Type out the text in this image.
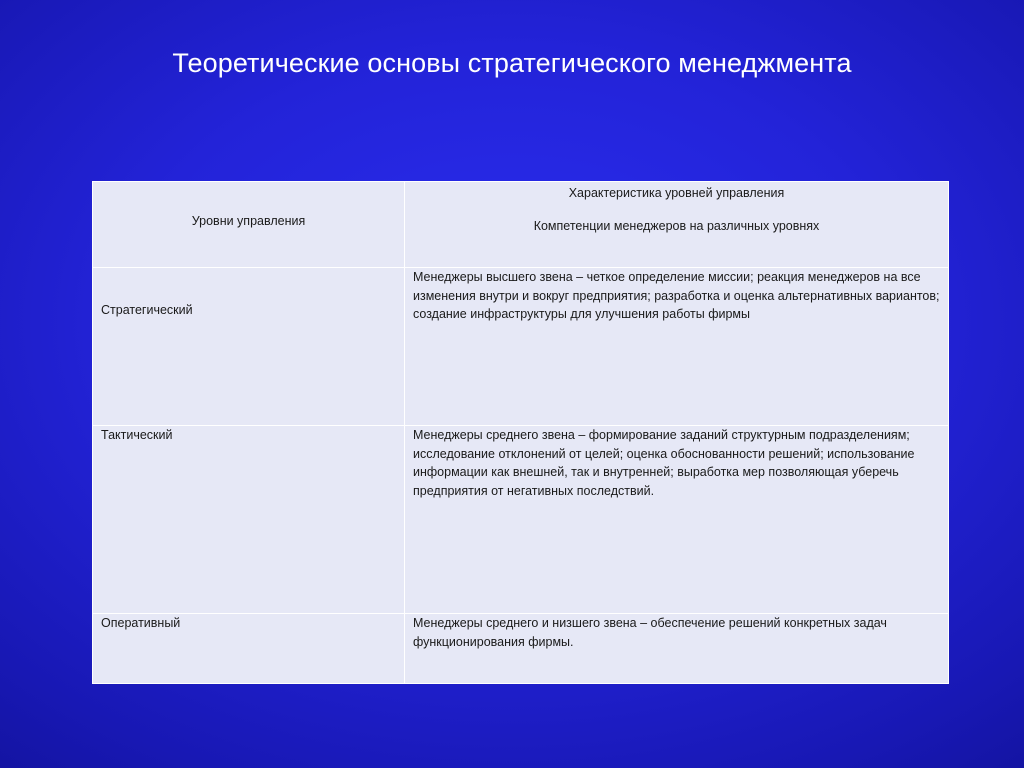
Теоретические основы стратегического менеджмента
Уровни управления	Характеристика уровней управления
Компетенции менеджеров на различных уровнях
Стратегический	Менеджеры высшего звена – четкое определение миссии; реакция менеджеров на все изменения внутри и вокруг предприятия; разработка и оценка альтернативных вариантов; создание инфраструктуры для улучшения работы фирмы
Тактический	Менеджеры среднего звена – формирование заданий структурным подразделениям; исследование отклонений от целей; оценка обоснованности решений; использование информации как внешней, так и внутренней; выработка мер позволяющая уберечь предприятия от негативных последствий.
Оперативный	Менеджеры среднего и низшего звена – обеспечение решений конкретных задач функционирования фирмы.
